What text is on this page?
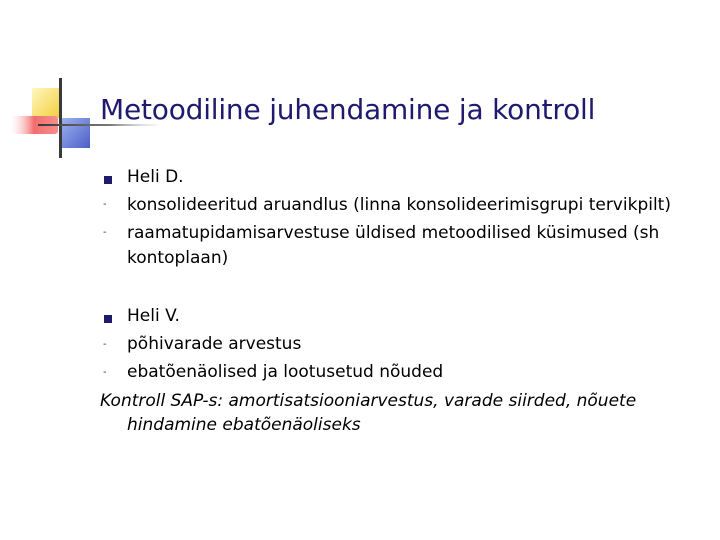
Metoodiline juhendamine ja kontroll
Heli D.
- konsolideeritud aruandlus (linna konsolideerimisgrupi tervikpilt)
- raamatupidamisarvestuse üldised metoodilised küsimused (sh
kontoplaan)
Heli V.
- põhivarade arvestus
- ebatõenäolised ja lootusetud nõuded
Kontroll SAP-s: amortisatsiooniarvestus, varade siirded, nõuete
hindamine ebatõenäoliseks
